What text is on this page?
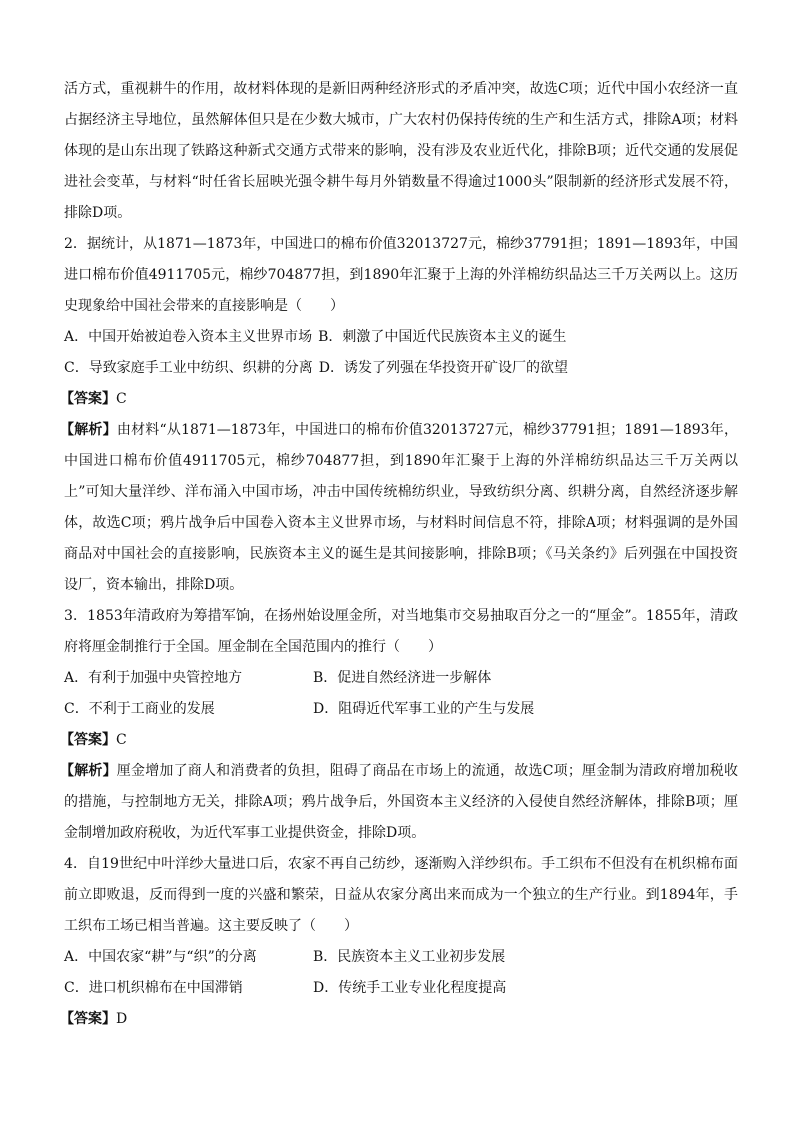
活方式，重视耕牛的作用，故材料体现的是新旧两种经济形式的矛盾冲突，故选C项；近代中国小农经济一直占据经济主导地位，虽然解体但只是在少数大城市，广大农村仍保持传统的生产和生活方式，排除A项；材料体现的是山东出现了铁路这种新式交通方式带来的影响，没有涉及农业近代化，排除B项；近代交通的发展促进社会变革，与材料“时任省长屈映光强令耕牛每月外销数量不得逾过1000头”限制新的经济形式发展不符，排除D项。

2．据统计，从1871—1873年，中国进口的棉布价值32013727元，棉纱37791担；1891—1893年，中国进口棉布价值4911705元，棉纱704877担，到1890年汇聚于上海的外洋棉纺织品达三千万关两以上。这历史现象给中国社会带来的直接影响是（　　）

A．中国开始被迫卷入资本主义世界市场 B．刺激了中国近代民族资本主义的诞生

C．导致家庭手工业中纺织、织耕的分离 D．诱发了列强在华投资开矿设厂的欲望

【答案】C

【解析】由材料“从1871—1873年，中国进口的棉布价值32013727元，棉纱37791担；1891—1893年，中国进口棉布价值4911705元，棉纱704877担，到1890年汇聚于上海的外洋棉纺织品达三千万关两以上”可知大量洋纱、洋布涌入中国市场，冲击中国传统棉纺织业，导致纺织分离、织耕分离，自然经济逐步解体，故选C项；鸦片战争后中国卷入资本主义世界市场，与材料时间信息不符，排除A项；材料强调的是外国商品对中国社会的直接影响，民族资本主义的诞生是其间接影响，排除B项；《马关条约》后列强在中国投资设厂，资本输出，排除D项。

3．1853年清政府为筹措军饷，在扬州始设厘金所，对当地集市交易抽取百分之一的“厘金”。1855年，清政府将厘金制推行于全国。厘金制在全国范围内的推行（　　）

A．有利于加强中央管控地方	B．促进自然经济进一步解体

C．不利于工商业的发展	D．阻碍近代军事工业的产生与发展

【答案】C

【解析】厘金增加了商人和消费者的负担，阻碍了商品在市场上的流通，故选C项；厘金制为清政府增加税收的措施，与控制地方无关，排除A项；鸦片战争后，外国资本主义经济的入侵使自然经济解体，排除B项；厘金制增加政府税收，为近代军事工业提供资金，排除D项。

4．自19世纪中叶洋纱大量进口后，农家不再自己纺纱，逐渐购入洋纱织布。手工织布不但没有在机织棉布面前立即败退，反而得到一度的兴盛和繁荣，日益从农家分离出来而成为一个独立的生产行业。到1894年，手工织布工场已相当普遍。这主要反映了（　　）

A．中国农家“耕”与“织”的分离	B．民族资本主义工业初步发展

C．进口机织棉布在中国滞销	D．传统手工业专业化程度提高

【答案】D
